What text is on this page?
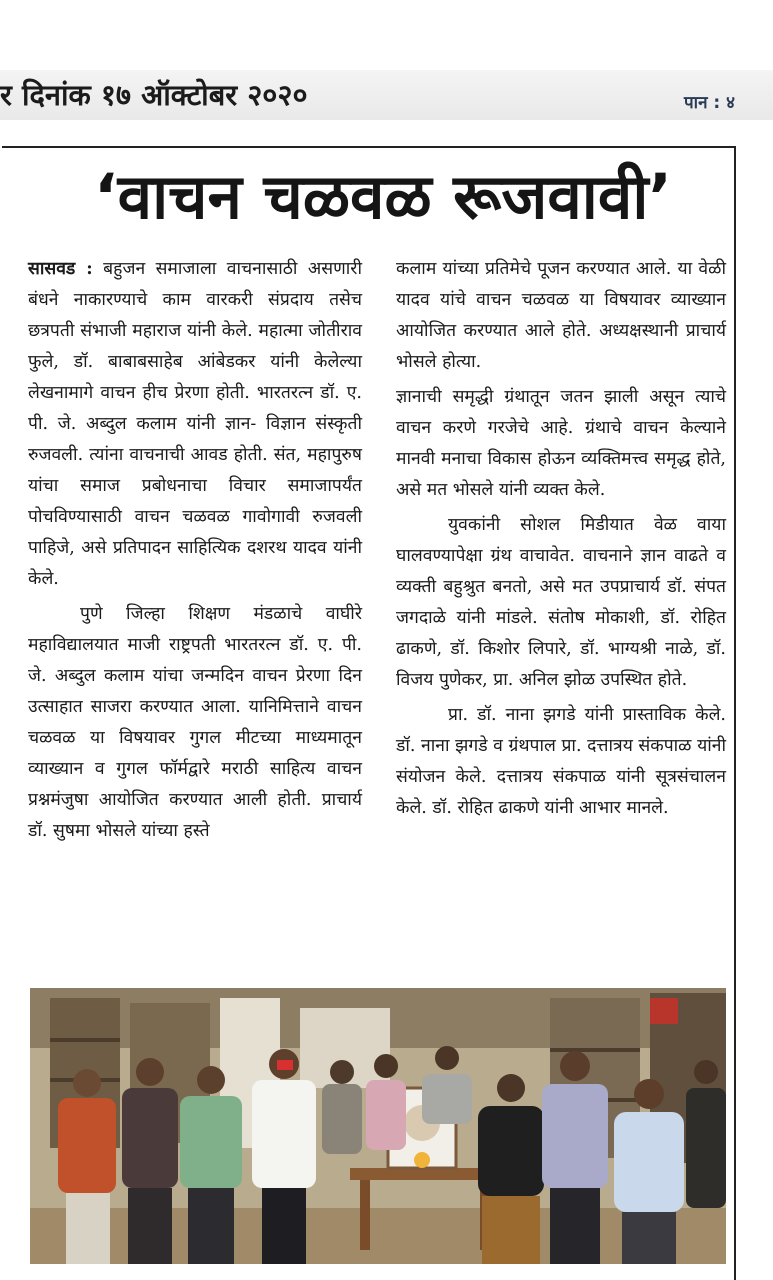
र दिनांक १७ ऑक्टोबर २०२०	पान : ४
‘वाचन चळवळ रूजवावी’

सासवड : बहुजन समाजाला वाचनासाठी असणारी बंधने नाकारण्याचे काम वारकरी संप्रदाय तसेच छत्रपती संभाजी महाराज यांनी केले. महात्मा जोतीराव फुले, डॉ. बाबाबसाहेब आंबेडकर यांनी केलेल्या लेखनामागे वाचन हीच प्रेरणा होती. भारतरत्न डॉ. ए. पी. जे. अब्दुल कलाम यांनी ज्ञान- विज्ञान संस्कृती रुजवली. त्यांना वाचनाची आवड होती. संत, महापुरुष यांचा समाज प्रबोधनाचा विचार समाजापर्यंत पोचविण्यासाठी वाचन चळवळ गावोगावी रुजवली पाहिजे, असे प्रतिपादन साहित्यिक दशरथ यादव यांनी केले.

पुणे जिल्हा शिक्षण मंडळाचे वाघीरे महाविद्यालयात माजी राष्ट्रपती भारतरत्न डॉ. ए. पी. जे. अब्दुल कलाम यांचा जन्मदिन वाचन प्रेरणा दिन उत्साहात साजरा करण्यात आला. यानिमित्ताने वाचन चळवळ या विषयावर गुगल मीटच्या माध्यमातून व्याख्यान व गुगल फॉर्मद्वारे मराठी साहित्य वाचन प्रश्नमंजुषा आयोजित करण्यात आली होती. प्राचार्य डॉ. सुषमा भोसले यांच्या हस्ते

कलाम यांच्या प्रतिमेचे पूजन करण्यात आले. या वेळी यादव यांचे वाचन चळवळ या विषयावर व्याख्यान आयोजित करण्यात आले होते. अध्यक्षस्थानी प्राचार्य भोसले होत्या.

ज्ञानाची समृद्धी ग्रंथातून जतन झाली असून त्याचे वाचन करणे गरजेचे आहे. ग्रंथाचे वाचन केल्याने मानवी मनाचा विकास होऊन व्यक्तिमत्त्व समृद्ध होते, असे मत भोसले यांनी व्यक्त केले.

युवकांनी सोशल मिडीयात वेळ वाया घालवण्यापेक्षा ग्रंथ वाचावेत. वाचनाने ज्ञान वाढते व व्यक्ती बहुश्रुत बनतो, असे मत उपप्राचार्य डॉ. संपत जगदाळे यांनी मांडले. संतोष मोकाशी, डॉ. रोहित ढाकणे, डॉ. किशोर लिपारे, डॉ. भाग्यश्री नाळे, डॉ. विजय पुणेकर, प्रा. अनिल झोळ उपस्थित होते.

प्रा. डॉ. नाना झगडे यांनी प्रास्ताविक केले. डॉ. नाना झगडे व ग्रंथपाल प्रा. दत्तात्रय संकपाळ यांनी संयोजन केले. दत्तात्रय संकपाळ यांनी सूत्रसंचालन केले. डॉ. रोहित ढाकणे यांनी आभार मानले.
